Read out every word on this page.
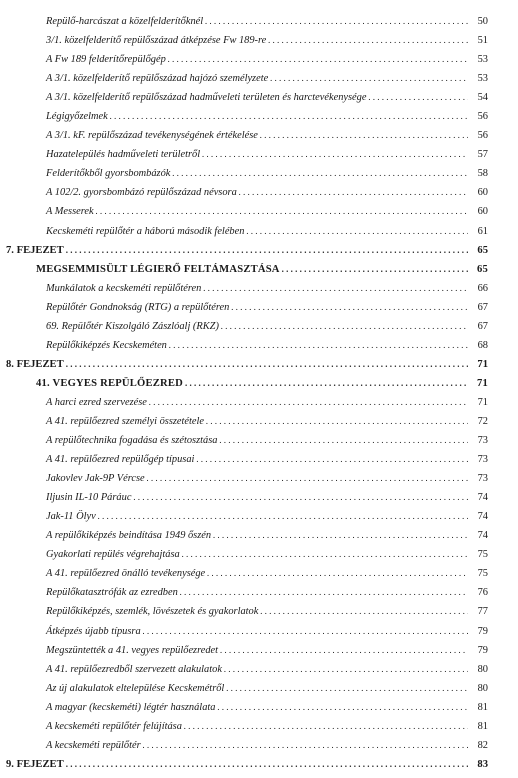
Repülő-harcászat a közelfelderítőknél . . .	50
3/1. közelfelderítő repülőszázad átképzése Fw 189-re . . .	51
A Fw 189 felderítőrepülőgép . . .	53
A 3/1. közelfelderítő repülőszázad hajózó személyzete . . .	53
A 3/1. közelfelderítő repülőszázad hadműveleti területen és harctevékenysége . . .	54
Légigyőzelmek . . .	56
A 3/1. kF. repülőszázad tevékenységének értékelése . . .	56
Hazatelepülés hadműveleti területről . . .	57
Felderítőkből gyorsbombázók . . .	58
A 102/2. gyorsbombázó repülőszázad névsora . . .	60
A Messerek . . .	60
Kecskeméti repülőtér a háború második felében . . .	61
7. FEJEZET . . .	65
MEGSEMMISÜLT LÉGIERŐ FELTÁMASZTÁSA . . .	65
Munkálatok a kecskeméti repülőtéren . . .	66
Repülőtér Gondnokság (RTG) a repülőtéren . . .	67
69. Repülőtér Kiszolgáló Zászlóalj (RKZ) . . .	67
Repülőkiképzés Kecskeméten . . .	68
8. FEJEZET . . .	71
41. VEGYES REPÜLŐEZRED . . .	71
A harci ezred szervezése . . .	71
A 41. repülőezred személyi összetétele . . .	72
A repülőtechnika fogadása és szétosztása . . .	73
A 41. repülőezred repülőgép típusai . . .	73
Jakovlev Jak-9P Vércse . . .	73
Iljusin IL-10 Páráuc . . .	74
Jak-11 Ölyv . . .	74
A repülőkiképzés beindítása 1949 őszén . . .	74
Gyakorlati repülés végrehajtása . . .	75
A 41. repülőezred önálló tevékenysége . . .	75
Repülőkatasztrófák az ezredben . . .	76
Repülőkiképzés, szemlék, lövészetek és gyakorlatok . . .	77
Átképzés újabb típusra . . .	79
Megszüntették a 41. vegyes repülőezredet . . .	79
A 41. repülőezredből szervezett alakulatok . . .	80
Az új alakulatok eltelepülése Kecskemétről . . .	80
A magyar (kecskeméti) légtér használata . . .	81
A kecskeméti repülőtér felújítása . . .	81
A kecskeméti repülőtér . . .	82
9. FEJEZET . . .	83
